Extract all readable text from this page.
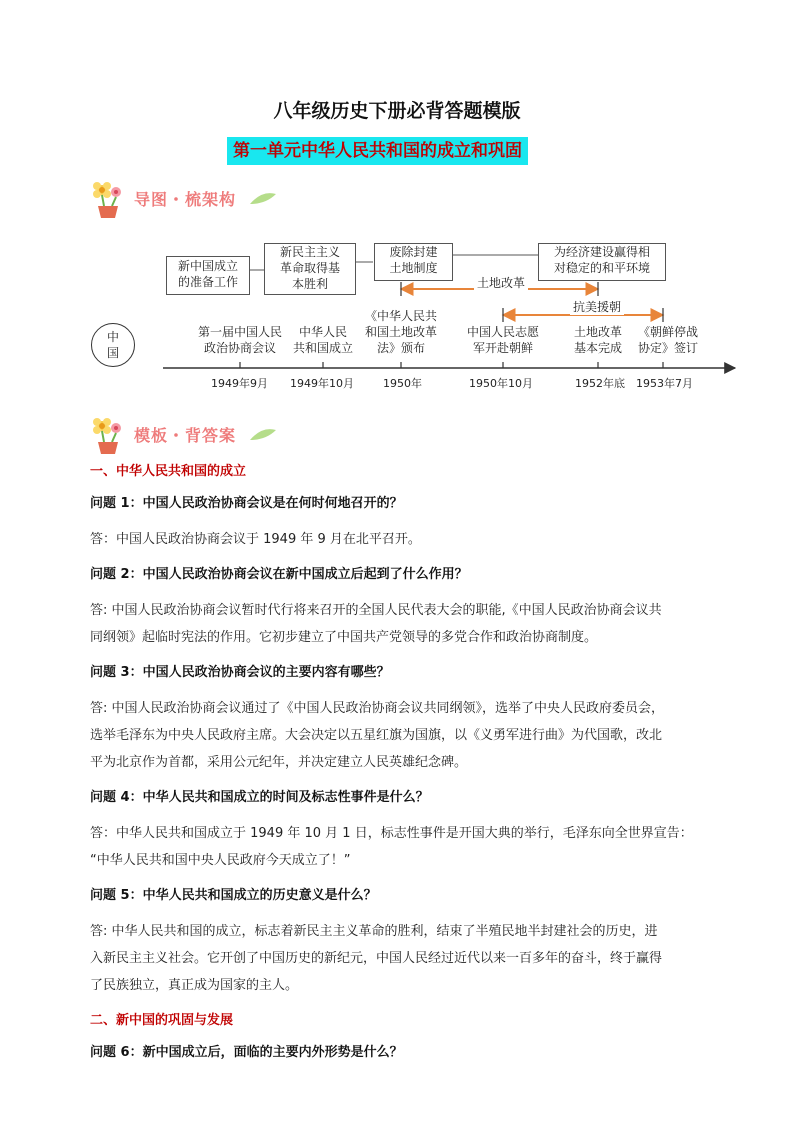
八年级历史下册必背答题模版
第一单元中华人民共和国的成立和巩固
导图・梳架构
新中国成立
的准备工作
新民主主义
革命取得基
本胜利
废除封建
土地制度
为经济建设赢得相
对稳定的和平环境
土地改革
抗美援朝
中
国
第一届中国人民
政治协商会议
中华人民
共和国成立
《中华人民共
和国土地改革
法》颁布
中国人民志愿
军开赴朝鲜
土地改革
基本完成
《朝鲜停战
协定》签订
1949年9月 1949年10月	1950年	1950年10月	1952年底 1953年7月
模板・背答案

一、中华人民共和国的成立

问题 1：中国人民政治协商会议是在何时何地召开的？

答：中国人民政治协商会议于 1949 年 9 月在北平召开。

问题 2：中国人民政治协商会议在新中国成立后起到了什么作用？

答: 中国人民政治协商会议暂时代行将来召开的全国人民代表大会的职能,《中国人民政治协商会议共
同纲领》起临时宪法的作用。它初步建立了中国共产党领导的多党合作和政治协商制度。

问题 3：中国人民政治协商会议的主要内容有哪些？

答: 中国人民政治协商会议通过了《中国人民政治协商会议共同纲领》，选举了中央人民政府委员会，
选举毛泽东为中央人民政府主席。大会决定以五星红旗为国旗，以《义勇军进行曲》为代国歌，改北
平为北京作为首都，采用公元纪年，并决定建立人民英雄纪念碑。

问题 4：中华人民共和国成立的时间及标志性事件是什么？

答：中华人民共和国成立于 1949 年 10 月 1 日，标志性事件是开国大典的举行，毛泽东向全世界宣告：
“中华人民共和国中央人民政府今天成立了！”

问题 5：中华人民共和国成立的历史意义是什么？

答: 中华人民共和国的成立，标志着新民主主义革命的胜利，结束了半殖民地半封建社会的历史，进
入新民主主义社会。它开创了中国历史的新纪元，中国人民经过近代以来一百多年的奋斗，终于赢得
了民族独立，真正成为国家的主人。

二、新中国的巩固与发展

问题 6：新中国成立后，面临的主要内外形势是什么？
